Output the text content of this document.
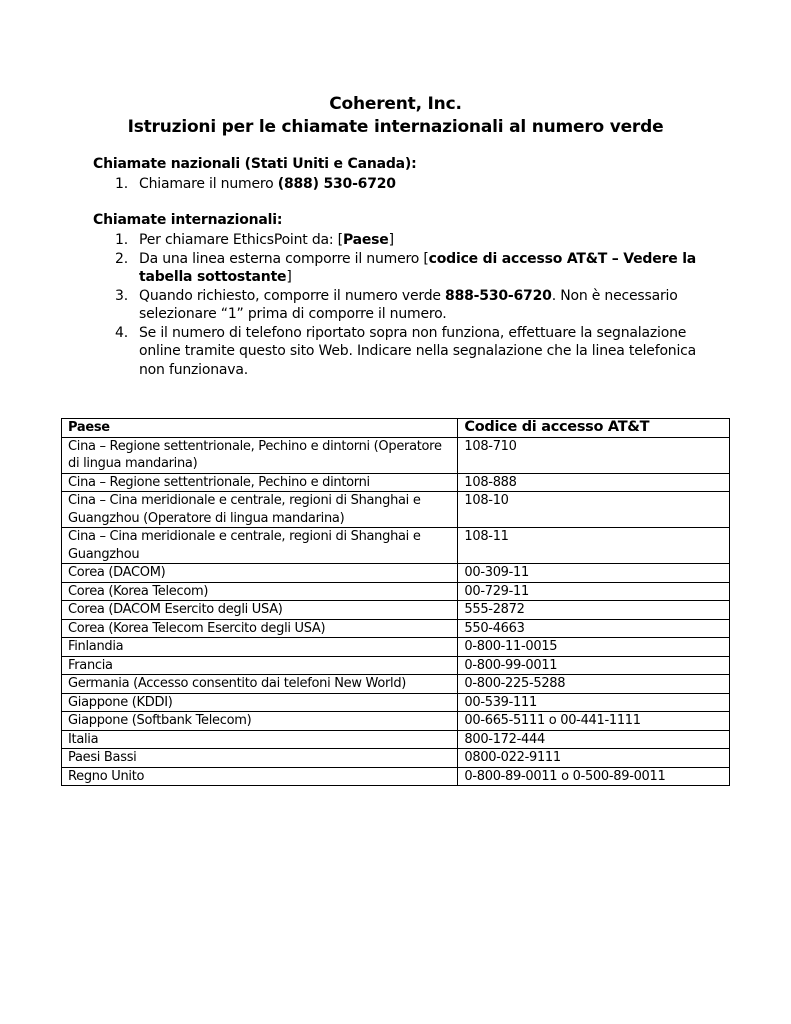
Coherent, Inc.
Istruzioni per le chiamate internazionali al numero verde
Chiamate nazionali (Stati Uniti e Canada):
1. Chiamare il numero (888) 530-6720
Chiamate internazionali:
1. Per chiamare EthicsPoint da: [Paese]
2. Da una linea esterna comporre il numero [codice di accesso AT&T – Vedere la tabella sottostante]
3. Quando richiesto, comporre il numero verde 888-530-6720. Non è necessario selezionare “1” prima di comporre il numero.
4. Se il numero di telefono riportato sopra non funziona, effettuare la segnalazione online tramite questo sito Web. Indicare nella segnalazione che la linea telefonica non funzionava.
Paese	Codice di accesso AT&T
Cina – Regione settentrionale, Pechino e dintorni (Operatore di lingua mandarina)	108-710
Cina – Regione settentrionale, Pechino e dintorni	108-888
Cina – Cina meridionale e centrale, regioni di Shanghai e Guangzhou (Operatore di lingua mandarina)	108-10
Cina – Cina meridionale e centrale, regioni di Shanghai e Guangzhou	108-11
Corea (DACOM)	00-309-11
Corea (Korea Telecom)	00-729-11
Corea (DACOM Esercito degli USA)	555-2872
Corea (Korea Telecom Esercito degli USA)	550-4663
Finlandia	0-800-11-0015
Francia	0-800-99-0011
Germania (Accesso consentito dai telefoni New World)	0-800-225-5288
Giappone (KDDI)	00-539-111
Giappone (Softbank Telecom)	00-665-5111 o 00-441-1111
Italia	800-172-444
Paesi Bassi	0800-022-9111
Regno Unito	0-800-89-0011 o 0-500-89-0011
